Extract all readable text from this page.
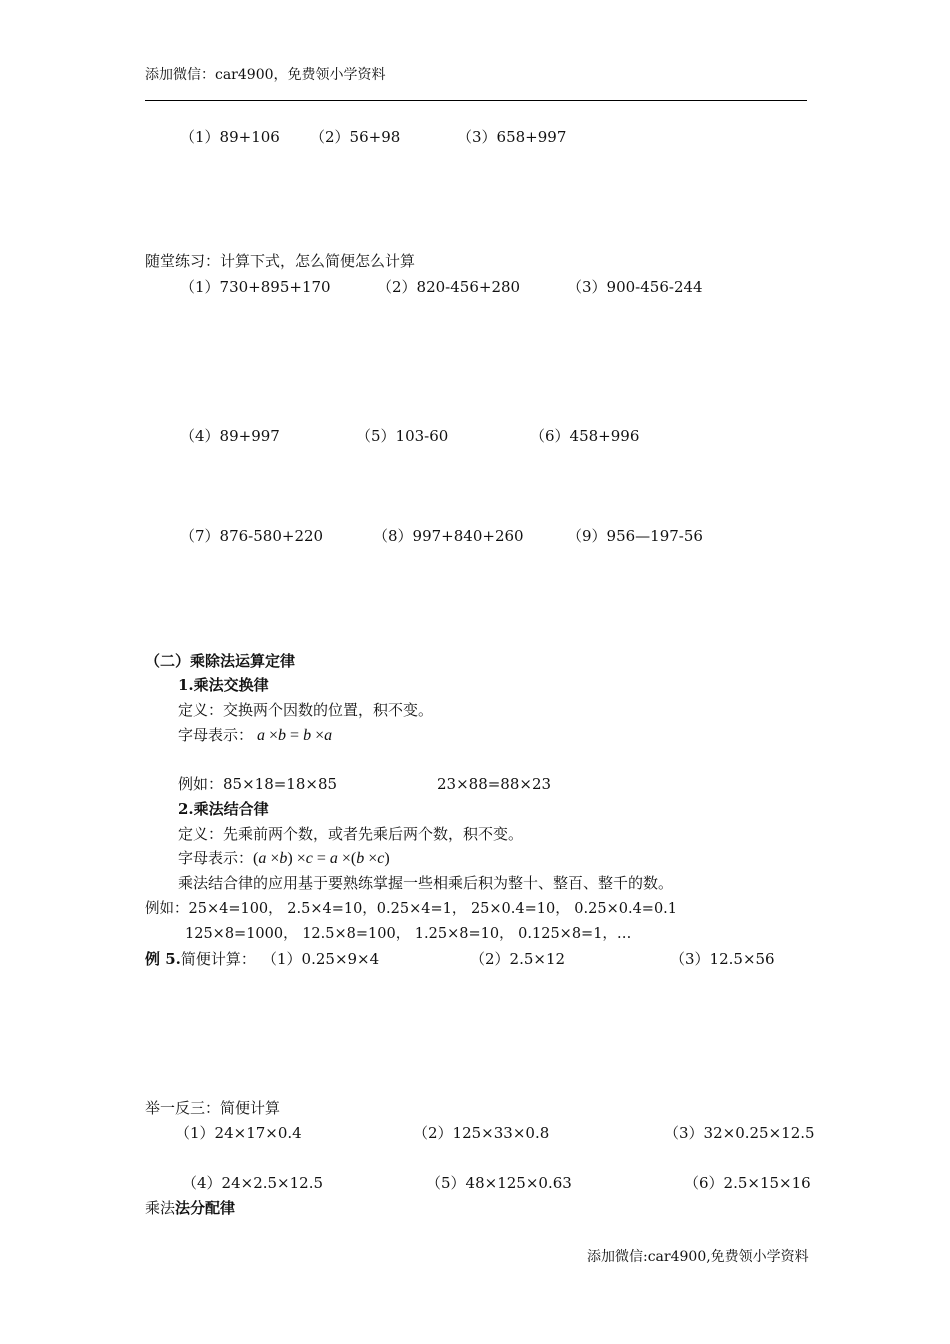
添加微信：car4900，免费领小学资料
（1）89+106 （2）56+98	（3）658+997
随堂练习：计算下式，怎么简便怎么计算
（1）730+895+170	（2）820-456+280	（3）900-456-244
（4）89+997	（5）103-60	（6）458+996
（7）876-580+220	（8）997+840+260	（9）956—197-56
（二）乘除法运算定律
1.乘法交换律
定义：交换两个因数的位置，积不变。
字母表示： a ×b = b ×a
例如：85×18=18×85	23×88=88×23
2.乘法结合律
定义：先乘前两个数，或者先乘后两个数，积不变。
字母表示：(a ×b) ×c = a ×(b ×c)
乘法结合律的应用基于要熟练掌握一些相乘后积为整十、整百、整千的数。
例如：25×4=100， 2.5×4=10，0.25×4=1， 25×0.4=10， 0.25×0.4=0.1
125×8=1000， 12.5×8=100， 1.25×8=10， 0.125×8=1，…
例 5.简便计算： （1）0.25×9×4	（2）2.5×12	（3）12.5×56
举一反三：简便计算
（1）24×17×0.4	（2）125×33×0.8	（3）32×0.25×12.5
（4）24×2.5×12.5	（5）48×125×0.63	（6）2.5×15×16
乘法法分配律
添加微信:car4900,免费领小学资料
